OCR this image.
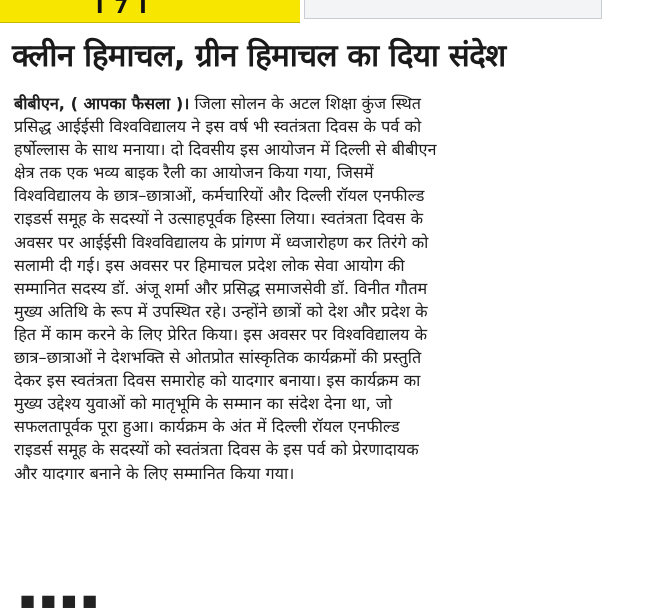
I 7 I
क्लीन हिमाचल, ग्रीन हिमाचल का दिया संदेश
बीबीएन, ( आपका फैसला )। जिला सोलन के अटल शिक्षा कुंज स्थित
प्रसिद्ध आईईसी विश्वविद्यालय ने इस वर्ष भी स्वतंत्रता दिवस के पर्व को
हर्षोल्लास के साथ मनाया। दो दिवसीय इस आयोजन में दिल्ली से बीबीएन
क्षेत्र तक एक भव्य बाइक रैली का आयोजन किया गया, जिसमें
विश्वविद्यालय के छात्र–छात्राओं, कर्मचारियों और दिल्ली रॉयल एनफील्ड
राइडर्स समूह के सदस्यों ने उत्साहपूर्वक हिस्सा लिया। स्वतंत्रता दिवस के
अवसर पर आईईसी विश्वविद्यालय के प्रांगण में ध्वजारोहण कर तिरंगे को
सलामी दी गई। इस अवसर पर हिमाचल प्रदेश लोक सेवा आयोग की
सम्मानित सदस्य डॉ. अंजू शर्मा और प्रसिद्ध समाजसेवी डॉ. विनीत गौतम
मुख्य अतिथि के रूप में उपस्थित रहे। उन्होंने छात्रों को देश और प्रदेश के
हित में काम करने के लिए प्रेरित किया। इस अवसर पर विश्वविद्यालय के
छात्र–छात्राओं ने देशभक्ति से ओतप्रोत सांस्कृतिक कार्यक्रमों की प्रस्तुति
देकर इस स्वतंत्रता दिवस समारोह को यादगार बनाया। इस कार्यक्रम का
मुख्य उद्देश्य युवाओं को मातृभूमि के सम्मान का संदेश देना था, जो
सफलतापूर्वक पूरा हुआ। कार्यक्रम के अंत में दिल्ली रॉयल एनफील्ड
राइडर्स समूह के सदस्यों को स्वतंत्रता दिवस के इस पर्व को प्रेरणादायक
और यादगार बनाने के लिए सम्मानित किया गया।
■ ■ ■ ■
